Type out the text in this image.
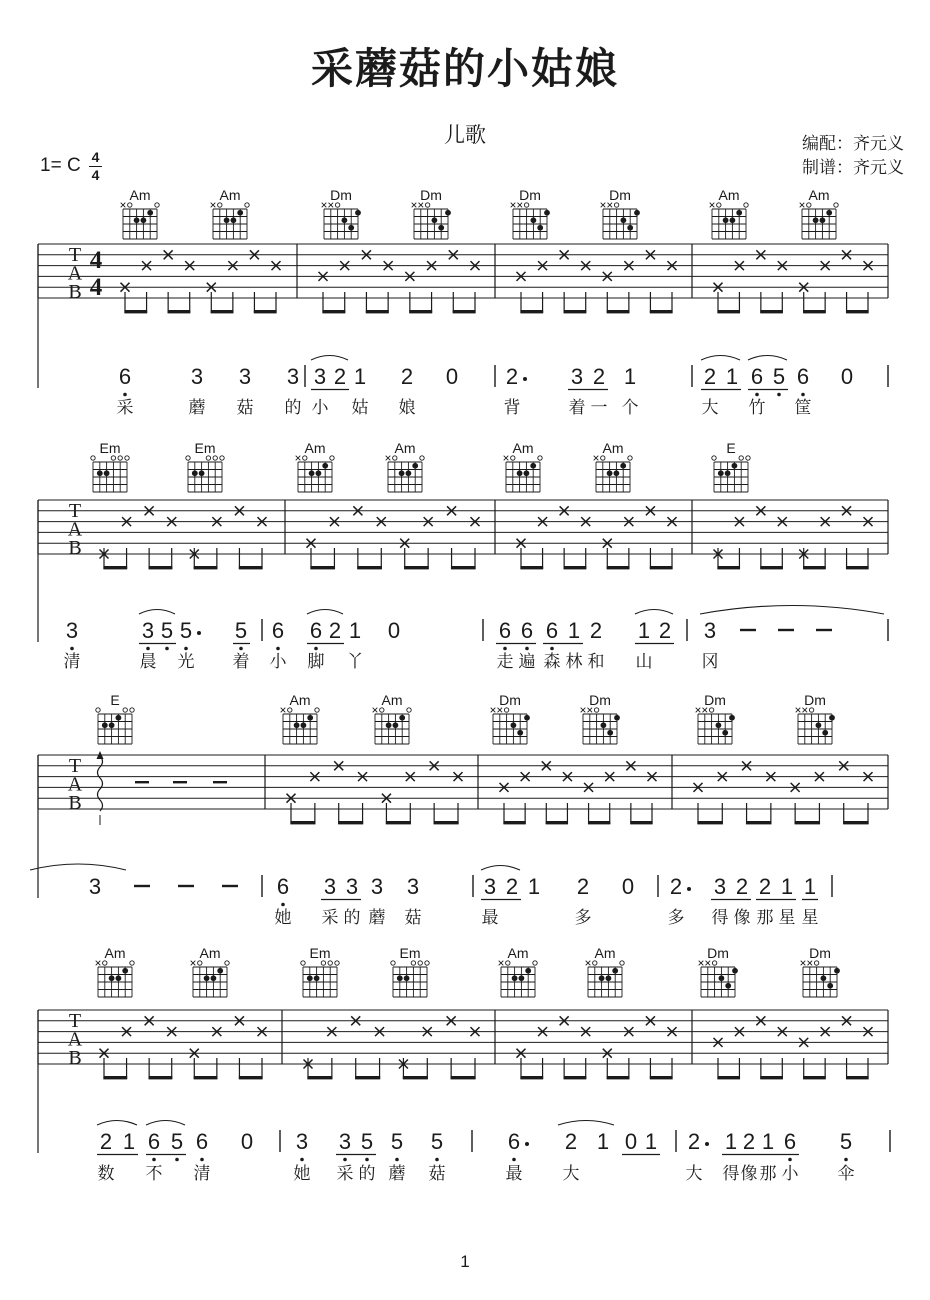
采蘑菇的小姑娘
儿歌	编配：齐元义
制谱：齐元义
1= C $\frac{4}{4}$
T
A
B
4
4
Am	Am	Dm	Dm	Dm	Dm	Am	Am
6
采
3
蘑
3
菇
3
的
3
小
2 1
姑
2
娘
0 2
背
3
着
2
一
1
个
2
大
1 6
竹
5 6
筐
0
T
A
B
Em	Em	Am	Am	Am	Am	E
3
清
3
晨
5 5
光
5
着
6
小
6
脚
2 1
丫
0	6
走
6
遍
6
森
1
林
2
和
1
山
2 3
冈
T
A
B
E	Am	Am	Dm	Dm	Dm	Dm
3	6
她
3
采
3
的
3
蘑
3
菇
3
最
2 1 2
多
0 2
多
3
得
2
像
2
那
1
星
1
星
T
A
B
Am	Am	Em	Em	Am	Am	Dm	Dm
2
数
1 6
不
5 6
清
0 3
她
3
采
5
的
5
蘑
5
菇
6
最
2
大
1 0 1 2
大
1
得
2
像
1
那
6
小
5
伞
1
